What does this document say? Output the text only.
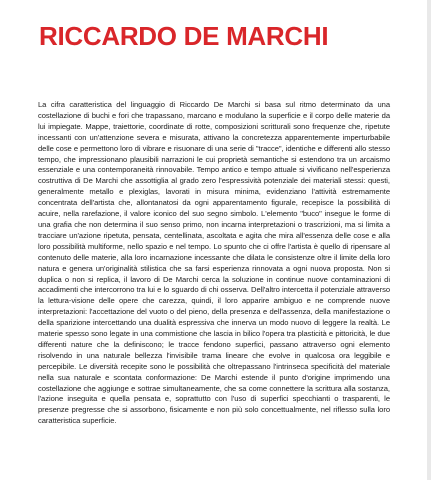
RICCARDO DE MARCHI

La cifra caratteristica del linguaggio di Riccardo De Marchi si basa sul ritmo determinato da una costellazione di buchi e fori che trapassano, marcano e modulano la superficie e il corpo delle materie da lui impiegate. Mappe, traiettorie, coordinate di rotte, composizioni scritturali sono frequenze che, ripetute incessanti con un'attenzione severa e misurata, attivano la concretezza apparentemente imperturbabile delle cose e permettono loro di vibrare e risuonare di una serie di "tracce", identiche e differenti allo stesso tempo, che impressionano plausibili narrazioni le cui proprietà semantiche si estendono tra un arcaismo essenziale e una contemporaneità rinnovabile. Tempo antico e tempo attuale si vivificano nell'esperienza costruttiva di De Marchi che assottiglia al grado zero l'espressività potenziale dei materiali stessi: questi, generalmente metallo e plexiglas, lavorati in misura minima, evidenziano l'attività estremamente concentrata dell'artista che, allontanatosi da ogni apparentamento figurale, recepisce la possibilità di acuire, nella rarefazione, il valore iconico del suo segno simbolo. L'elemento "buco" insegue le forme di una grafia che non determina il suo senso primo, non incarna interpretazioni o trascrizioni, ma si limita a tracciare un'azione ripetuta, pensata, centellinata, ascoltata e agita che mira all'essenza delle cose e alla loro possibilità multiforme, nello spazio e nel tempo. Lo spunto che ci offre l'artista è quello di ripensare al contenuto delle materie, alla loro incarnazione incessante che dilata le consistenze oltre il limite della loro natura e genera un'originalità stilistica che sa farsi esperienza rinnovata a ogni nuova proposta. Non si duplica o non si replica, il lavoro di De Marchi cerca la soluzione in continue nuove contaminazioni di accadimenti che intercorrono tra lui e lo sguardo di chi osserva. Dell'altro intercetta il potenziale attraverso la lettura-visione delle opere che carezza, quindi, il loro apparire ambiguo e ne comprende nuove interpretazioni: l'accettazione del vuoto o del pieno, della presenza e dell'assenza, della manifestazione o della sparizione intercettando una dualità espressiva che innerva un modo nuovo di leggere la realtà. Le materie spesso sono legate in una commistione che lascia in bilico l'opera tra plasticità e pittoricità, le due differenti nature che la definiscono; le tracce fendono superfici, passano attraverso ogni elemento risolvendo in una naturale bellezza l'invisibile trama lineare che evolve in qualcosa ora leggibile e percepibile. Le diversità recepite sono le possibilità che oltrepassano l'intrinseca specificità del materiale nella sua naturale e scontata conformazione: De Marchi estende il punto d'origine imprimendo una costellazione che aggiunge e sottrae simultaneamente, che sa come connettere la scrittura alla sostanza, l'azione inseguita e quella pensata e, soprattutto con l'uso di superfici specchianti o trasparenti, le presenze pregresse che si assorbono, fisicamente e non più solo concettualmente, nel riflesso sulla loro caratteristica superficie.
